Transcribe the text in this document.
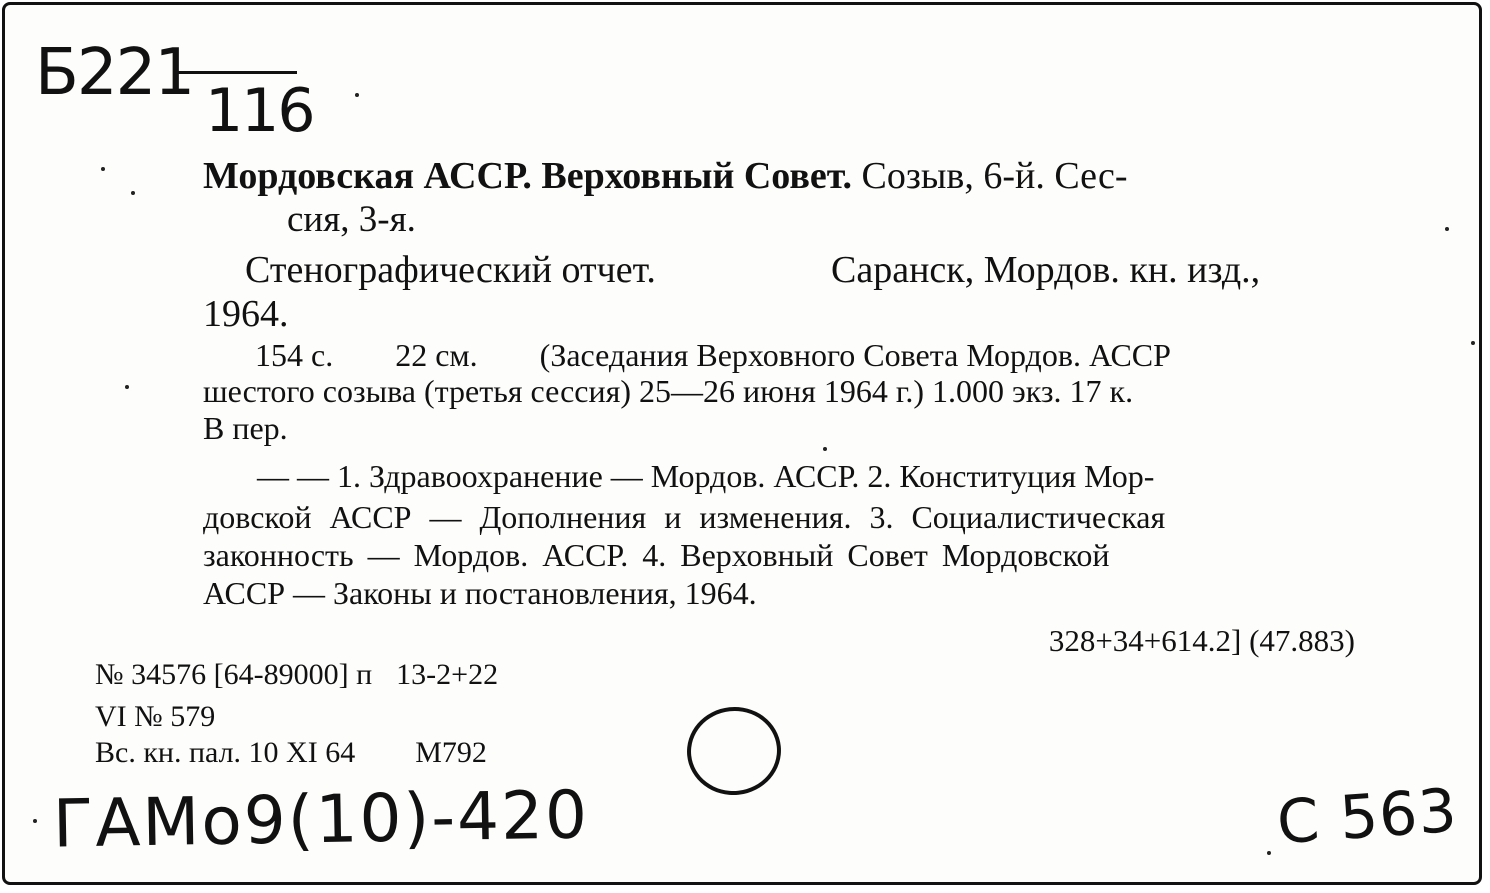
Б221
116
Мордовская АССР. Верховный Совет. Созыв, 6-й. Сес-
сия, 3-я.
Стенографический отчет.	Саранск, Мордов. кн. изд.,
1964.
154 с. 22 см. (Заседания Верховного Совета Мордов. АССР
шестого созыва (третья сессия) 25—26 июня 1964 г.) 1.000 экз. 17 к.
В пер.
— — 1. Здравоохранение — Мордов. АССР. 2. Конституция Мор-
довской АССР — Дополнения и изменения. 3. Социалистическая
законность — Мордов. АССР. 4. Верховный Совет Мордовской
АССР — Законы и постановления, 1964.
328+34+614.2] (47.883)
№ 34576 [64-89000] п 13-2+22
VI № 579
Вс. кн. пал. 10 XI 64 М792
ГАМо9(10)-420	С 563
